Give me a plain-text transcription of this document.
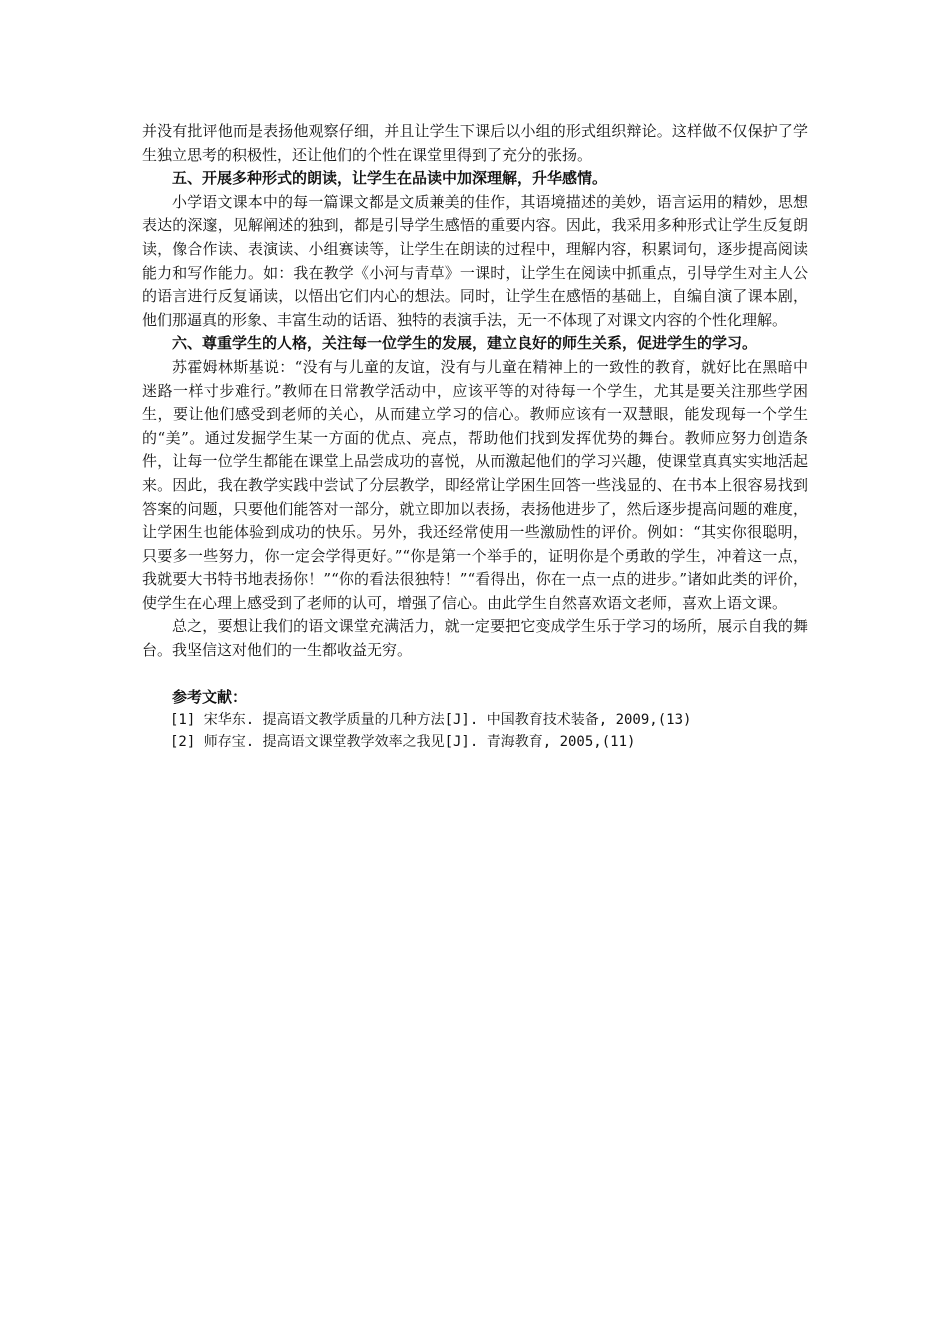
并没有批评他而是表扬他观察仔细，并且让学生下课后以小组的形式组织辩论。这样做不仅保护了学生独立思考的积极性，还让他们的个性在课堂里得到了充分的张扬。

五、开展多种形式的朗读，让学生在品读中加深理解，升华感情。

小学语文课本中的每一篇课文都是文质兼美的佳作，其语境描述的美妙，语言运用的精妙，思想表达的深邃，见解阐述的独到，都是引导学生感悟的重要内容。因此，我采用多种形式让学生反复朗读，像合作读、表演读、小组赛读等，让学生在朗读的过程中，理解内容，积累词句，逐步提高阅读能力和写作能力。如：我在教学《小河与青草》一课时，让学生在阅读中抓重点，引导学生对主人公的语言进行反复诵读，以悟出它们内心的想法。同时，让学生在感悟的基础上，自编自演了课本剧，他们那逼真的形象、丰富生动的话语、独特的表演手法，无一不体现了对课文内容的个性化理解。

六、尊重学生的人格，关注每一位学生的发展，建立良好的师生关系，促进学生的学习。

苏霍姆林斯基说：“没有与儿童的友谊，没有与儿童在精神上的一致性的教育，就好比在黑暗中迷路一样寸步难行。”教师在日常教学活动中，应该平等的对待每一个学生，尤其是要关注那些学困生，要让他们感受到老师的关心，从而建立学习的信心。教师应该有一双慧眼，能发现每一个学生的“美”。通过发掘学生某一方面的优点、亮点，帮助他们找到发挥优势的舞台。教师应努力创造条件，让每一位学生都能在课堂上品尝成功的喜悦，从而激起他们的学习兴趣，使课堂真真实实地活起来。因此，我在教学实践中尝试了分层教学，即经常让学困生回答一些浅显的、在书本上很容易找到答案的问题，只要他们能答对一部分，就立即加以表扬，表扬他进步了，然后逐步提高问题的难度，让学困生也能体验到成功的快乐。另外，我还经常使用一些激励性的评价。例如：“其实你很聪明，只要多一些努力，你一定会学得更好。”“你是第一个举手的，证明你是个勇敢的学生，冲着这一点，我就要大书特书地表扬你！”“你的看法很独特！”“看得出，你在一点一点的进步。”诸如此类的评价，使学生在心理上感受到了老师的认可，增强了信心。由此学生自然喜欢语文老师，喜欢上语文课。

总之，要想让我们的语文课堂充满活力，就一定要把它变成学生乐于学习的场所，展示自我的舞台。我坚信这对他们的一生都收益无穷。

参考文献：

[1] 宋华东. 提高语文教学质量的几种方法[J]. 中国教育技术装备, 2009,(13)

[2] 师存宝. 提高语文课堂教学效率之我见[J]. 青海教育, 2005,(11)
